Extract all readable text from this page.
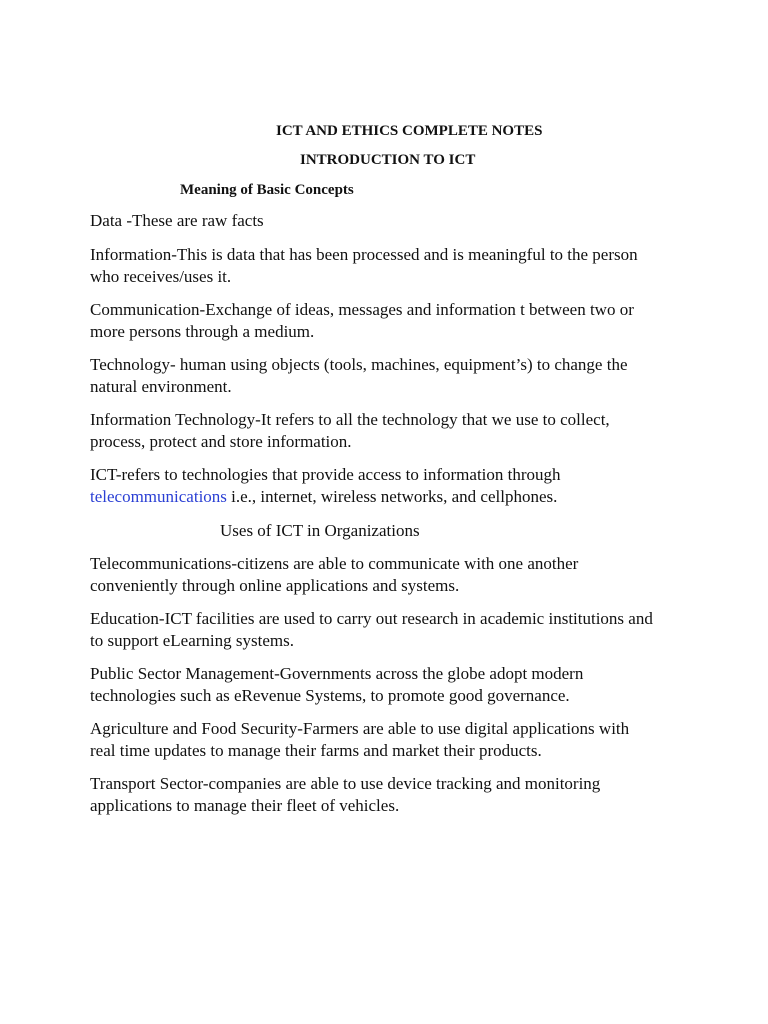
ICT AND ETHICS COMPLETE NOTES
INTRODUCTION TO ICT
Meaning of Basic Concepts

Data -These are raw facts

Information-This is data that has been processed and is meaningful to the person
who receives/uses it.

Communication-Exchange of ideas, messages and information t between two or
more persons through a medium.

Technology- human using objects (tools, machines, equipment’s) to change the
natural environment.

Information Technology-It refers to all the technology that we use to collect,
process, protect and store information.

ICT-refers to technologies that provide access to information through
telecommunications i.e., internet, wireless networks, and cellphones.

Uses of ICT in Organizations

Telecommunications-citizens are able to communicate with one another
conveniently through online applications and systems.

Education-ICT facilities are used to carry out research in academic institutions and
to support eLearning systems.

Public Sector Management-Governments across the globe adopt modern
technologies such as eRevenue Systems, to promote good governance.

Agriculture and Food Security-Farmers are able to use digital applications with
real time updates to manage their farms and market their products.

Transport Sector-companies are able to use device tracking and monitoring
applications to manage their fleet of vehicles.
